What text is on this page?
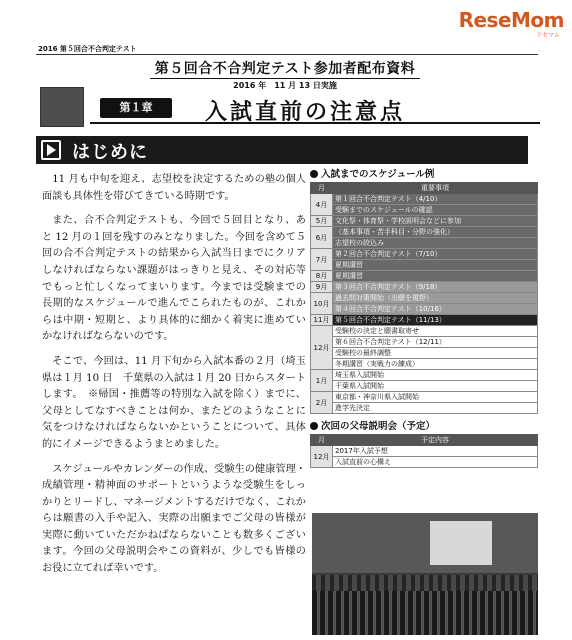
ReseMom
リセマム
2016 第５回合不合判定テスト
第５回合不合判定テスト参加者配布資料
2016 年　11 月 13 日実施
第１章	入試直前の注意点
はじめに

11 月も中旬を迎え、志望校を決定するための塾の個人面談も具体性を帯びてきている時期です。

また、合不合判定テストも、今回で５回目となり、あと 12 月の１回を残すのみとなりました。今回を含めて５回の合不合判定テストの結果から入試当日までにクリアしなければならない課題がはっきりと見え、その対応等でもっと忙しくなってまいります。今までは受験までの長期的なスケジュールで進んでこられたものが、これからは中期・短期と、より具体的に細かく着実に進めていかなければならないのです。

そこで、今回は、11 月下旬から入試本番の２月（埼玉県は１月 10 日　千葉県の入試は１月 20 日からスタートします。　※帰国・推薦等の特別な入試を除く）までに、父母としてなすべきことは何か、またどのようなことに気をつけなければならないかということについて、具体的にイメージできるようまとめました。

スケジュールやカレンダーの作成、受験生の健康管理・成績管理・精神面のサポートというような受験生をしっかりとリードし、マネージメントするだけでなく、これからは願書の入手や記入、実際の出願までご父母の皆様が実際に動いていただかねばならないことも数多くございます。今回の父母説明会やこの資料が、少しでも皆様のお役に立てれば幸いです。

入試までのスケジュール例
月	重要事項
4月	第１回合不合判定テスト（4/10）
	受験までのスケジュールの確認
5月	文化祭・体育祭・学校説明会などに参加
6月	（基本事項・苦手科目・分野の強化）
	志望校の絞込み
7月	第２回合不合判定テスト（7/10）
	夏期講習
8月	夏期講習
9月	第３回合不合判定テスト（9/18）
10月	過去問対策開始（出願を視野）
	第４回合不合判定テスト（10/16）
11月	第５回合不合判定テスト（11/13）
12月	受験校の決定と願書取寄せ
	第６回合不合判定テスト（12/11）
	受験校の最終調整
	冬期講習（実戦力の練成）
1月	埼玉県入試開始
	千葉県入試開始
2月	東京都・神奈川県入試開始
	進学先決定
次回の父母説明会（予定）
月	予定内容
12月	2017年入試予想
	入試直前の心構え
